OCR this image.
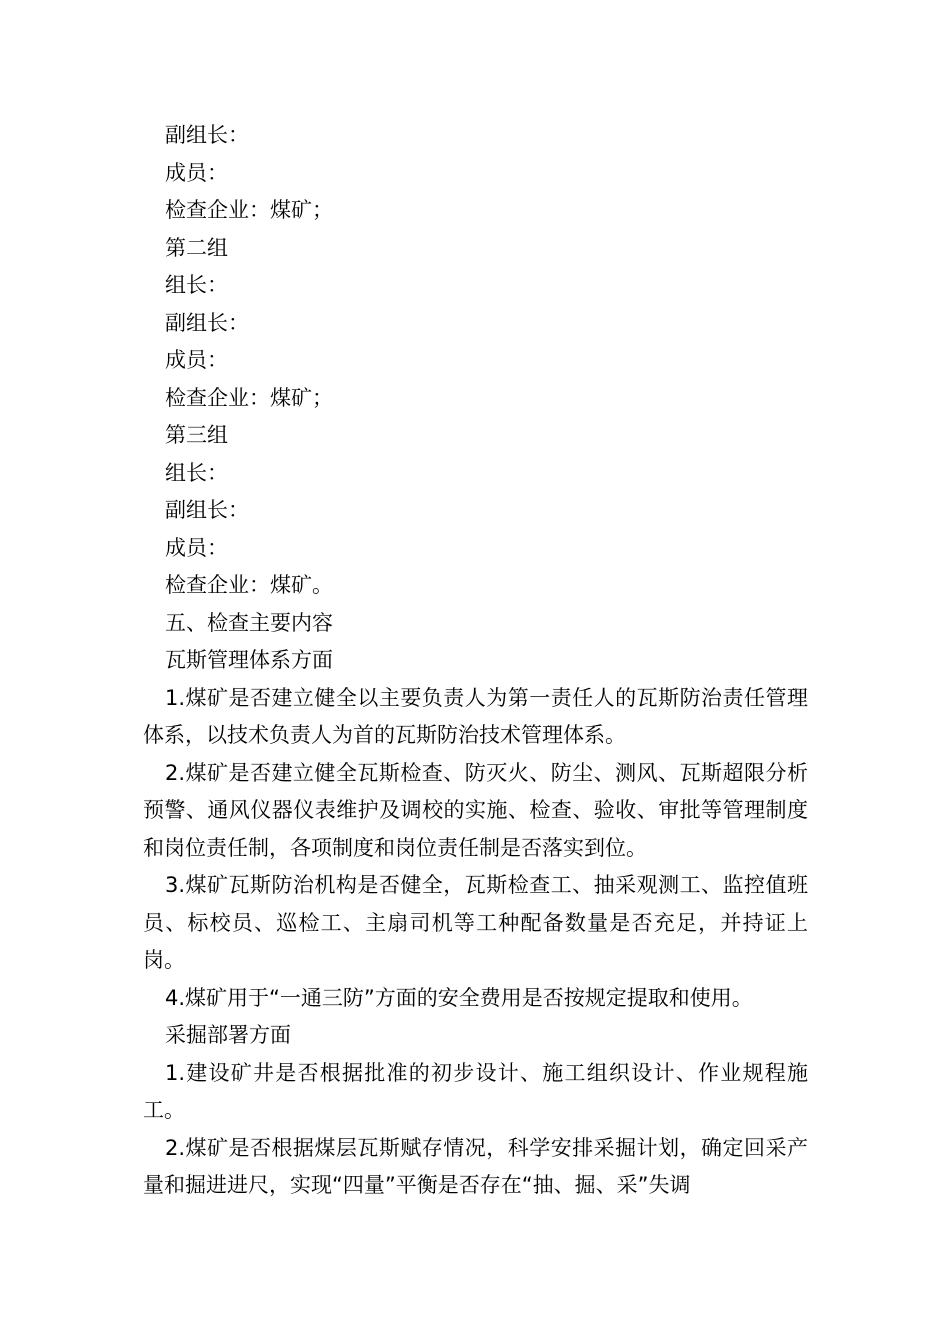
副组长：

成员：

检查企业：煤矿；

第二组

组长：

副组长：

成员：

检查企业：煤矿；

第三组

组长：

副组长：

成员：

检查企业：煤矿。

五、检查主要内容

瓦斯管理体系方面

1.煤矿是否建立健全以主要负责人为第一责任人的瓦斯防治责任管理体系，以技术负责人为首的瓦斯防治技术管理体系。

2.煤矿是否建立健全瓦斯检查、防灭火、防尘、测风、瓦斯超限分析预警、通风仪器仪表维护及调校的实施、检查、验收、审批等管理制度和岗位责任制，各项制度和岗位责任制是否落实到位。

3.煤矿瓦斯防治机构是否健全，瓦斯检查工、抽采观测工、监控值班员、标校员、巡检工、主扇司机等工种配备数量是否充足，并持证上岗。

4.煤矿用于“一通三防”方面的安全费用是否按规定提取和使用。

采掘部署方面

1.建设矿井是否根据批准的初步设计、施工组织设计、作业规程施工。

2.煤矿是否根据煤层瓦斯赋存情况，科学安排采掘计划，确定回采产量和掘进进尺，实现“四量”平衡是否存在“抽、掘、采”失调
